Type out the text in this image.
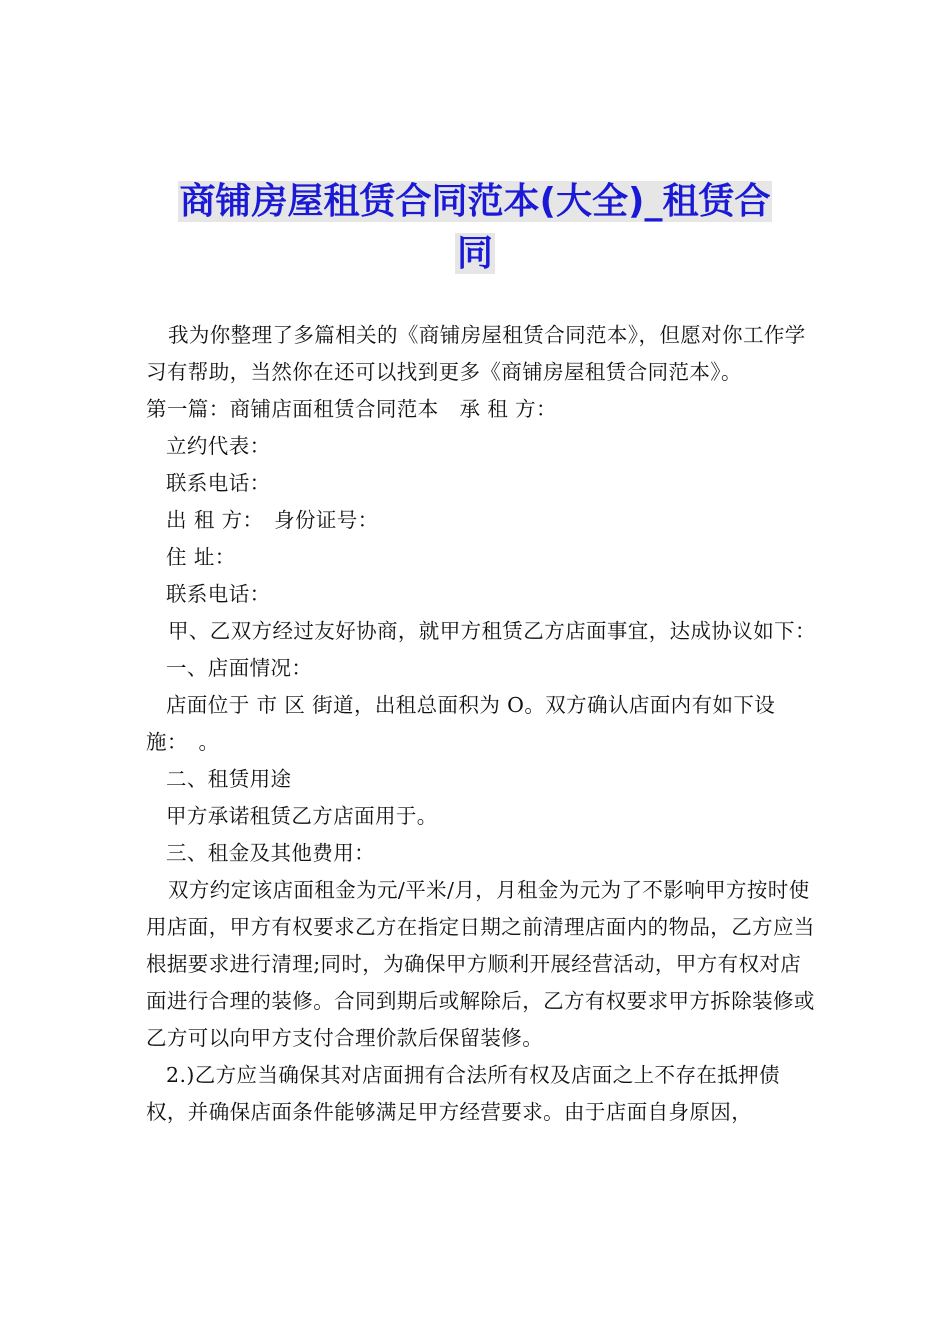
商铺房屋租赁合同范本(大全)_租赁合
同

我为你整理了多篇相关的《商铺房屋租赁合同范本》，但愿对你工作学习有帮助，当然你在还可以找到更多《商铺房屋租赁合同范本》。

第一篇：商铺店面租赁合同范本　承 租 方：

立约代表：

联系电话：

出 租 方：　身份证号：

住 址：

联系电话：

甲、乙双方经过友好协商，就甲方租赁乙方店面事宜，达成协议如下：

一、店面情况：

店面位于 市 区 街道，出租总面积为 O。双方确认店面内有如下设施：　。

二、租赁用途

甲方承诺租赁乙方店面用于。

三、租金及其他费用：

双方约定该店面租金为元/平米/月，月租金为元为了不影响甲方按时使用店面，甲方有权要求乙方在指定日期之前清理店面内的物品，乙方应当根据要求进行清理;同时，为确保甲方顺利开展经营活动，甲方有权对店面进行合理的装修。合同到期后或解除后，乙方有权要求甲方拆除装修或乙方可以向甲方支付合理价款后保留装修。

2.)乙方应当确保其对店面拥有合法所有权及店面之上不存在抵押债权，并确保店面条件能够满足甲方经营要求。由于店面自身原因，
